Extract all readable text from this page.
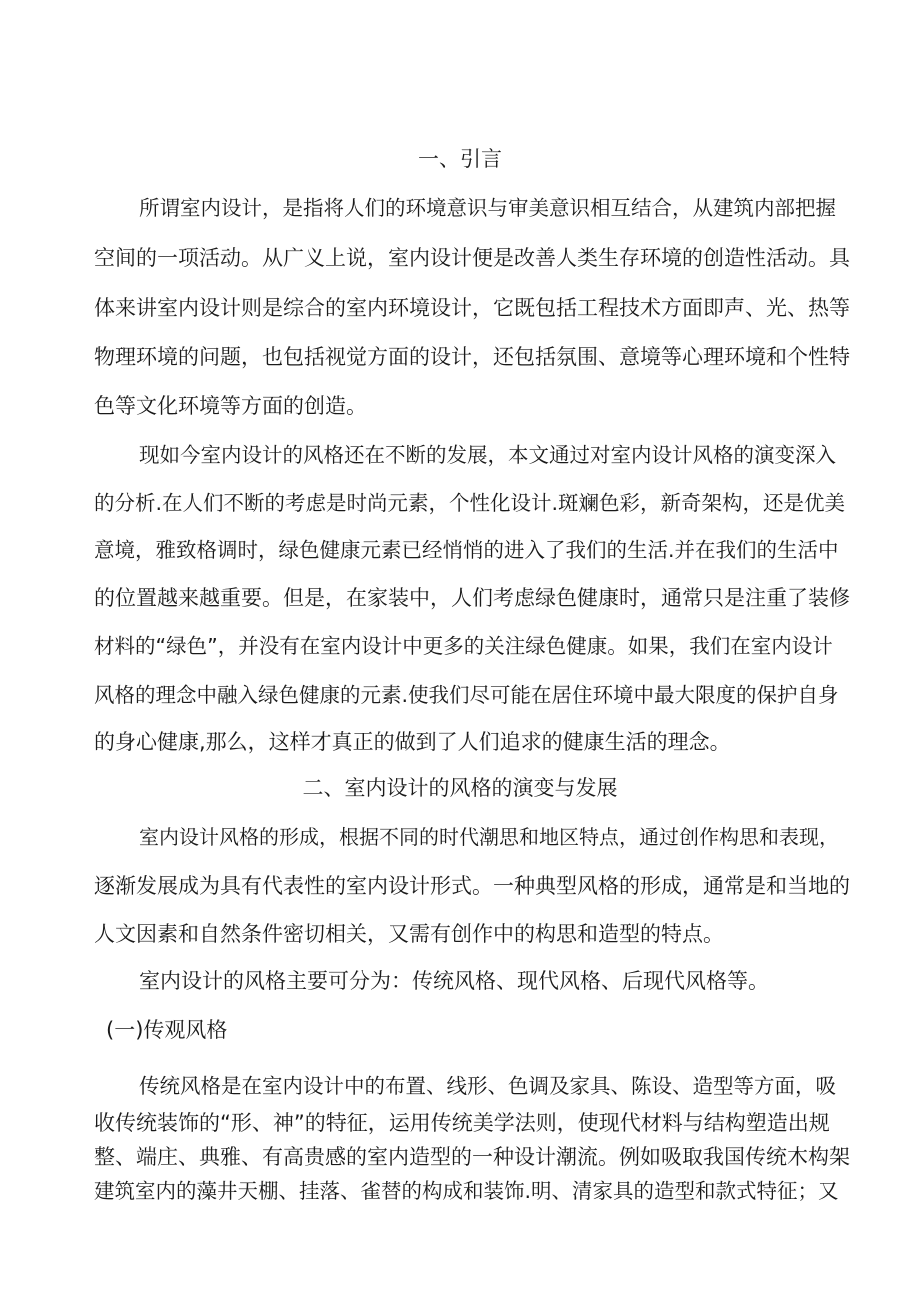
一、引言
所谓室内设计，是指将人们的环境意识与审美意识相互结合，从建筑内部把握
空间的一项活动。从广义上说，室内设计便是改善人类生存环境的创造性活动。具
体来讲室内设计则是综合的室内环境设计，它既包括工程技术方面即声、光、热等
物理环境的问题，也包括视觉方面的设计，还包括氛围、意境等心理环境和个性特
色等文化环境等方面的创造。
现如今室内设计的风格还在不断的发展，本文通过对室内设计风格的演变深入
的分析.在人们不断的考虑是时尚元素，个性化设计.斑斓色彩，新奇架构，还是优美
意境，雅致格调时，绿色健康元素已经悄悄的进入了我们的生活.并在我们的生活中
的位置越来越重要。但是，在家装中，人们考虑绿色健康时，通常只是注重了装修
材料的“绿色”，并没有在室内设计中更多的关注绿色健康。如果，我们在室内设计
风格的理念中融入绿色健康的元素.使我们尽可能在居住环境中最大限度的保护自身
的身心健康,那么，这样才真正的做到了人们追求的健康生活的理念。
二、室内设计的风格的演变与发展
室内设计风格的形成，根据不同的时代潮思和地区特点，通过创作构思和表现，
逐渐发展成为具有代表性的室内设计形式。一种典型风格的形成，通常是和当地的
人文因素和自然条件密切相关，又需有创作中的构思和造型的特点。
室内设计的风格主要可分为：传统风格、现代风格、后现代风格等。
(一)传观风格
传统风格是在室内设计中的布置、线形、色调及家具、陈设、造型等方面，吸
收传统装饰的“形、神”的特征，运用传统美学法则，使现代材料与结构塑造出规
整、端庄、典雅、有高贵感的室内造型的一种设计潮流。例如吸取我国传统木构架
建筑室内的藻井天棚、挂落、雀替的构成和装饰.明、清家具的造型和款式特征；又
